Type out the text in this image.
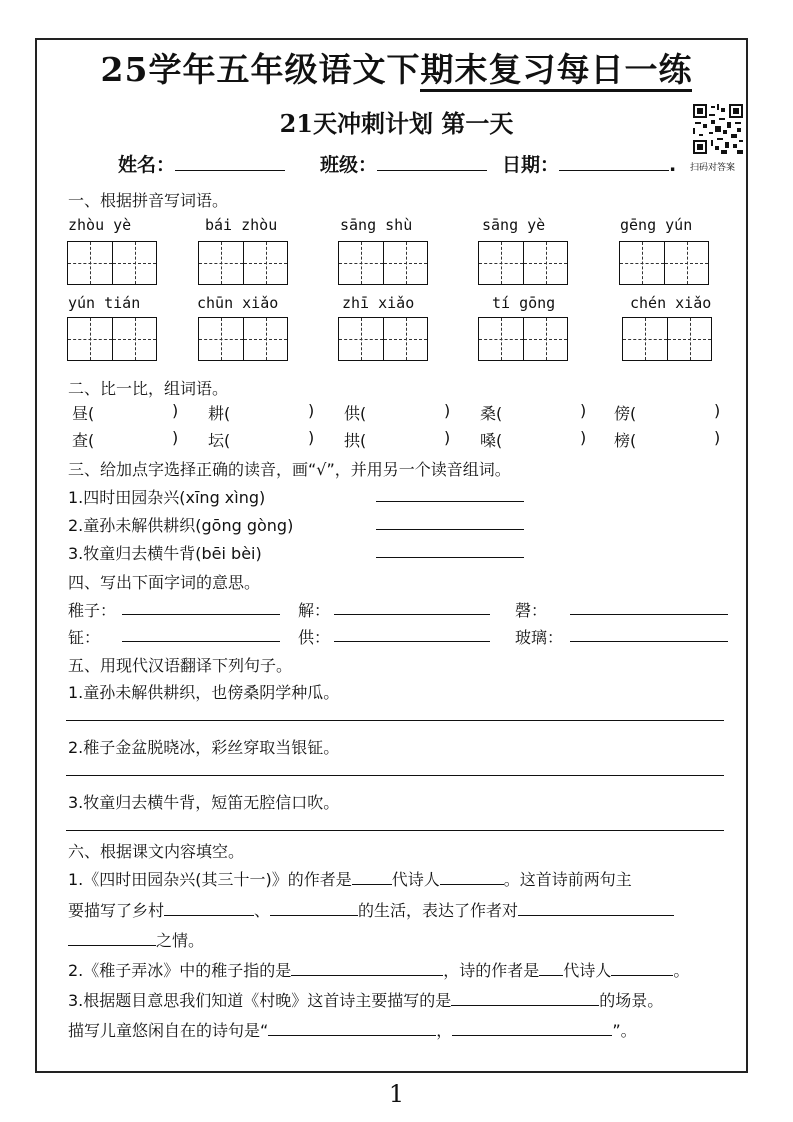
25学年五年级语文下期末复习每日一练
21天冲刺计划 第一天
扫码对答案
姓名：	班级：	日期：	.
一、根据拼音写词语。
zhòu yè	bái zhòu	sāng shù	sāng yè	gēng yún
yún tián	chūn xiǎo	zhī xiǎo	tí gōng	chén xiǎo
二、比一比，组词语。
昼(	) 耕(	) 供(	) 桑(	) 傍(	)
查(	) 坛(	) 拱(	) 嗓(	) 榜(	)
三、给加点字选择正确的读音，画“√”，并用另一个读音组词。
1.四时田园杂兴(xīng xìng)
2.童孙未解供耕织(gōng gòng)
3.牧童归去横牛背(bēi bèi)
四、写出下面字词的意思。
稚子：	解：	磬：
钲：	供：	玻璃：
五、用现代汉语翻译下列句子。
1.童孙未解供耕织，也傍桑阴学种瓜。
2.稚子金盆脱晓冰，彩丝穿取当银钲。
3.牧童归去横牛背，短笛无腔信口吹。
六、根据课文内容填空。
1.《四时田园杂兴(其三十一)》的作者是	代诗人	。这首诗前两句主
要描写了乡村	、	的生活，表达了作者对
之情。
2.《稚子弄冰》中的稚子指的是	，诗的作者是 代诗人	。
3.根据题目意思我们知道《村晚》这首诗主要描写的是	的场景。
描写儿童悠闲自在的诗句是“	，	”。
1
